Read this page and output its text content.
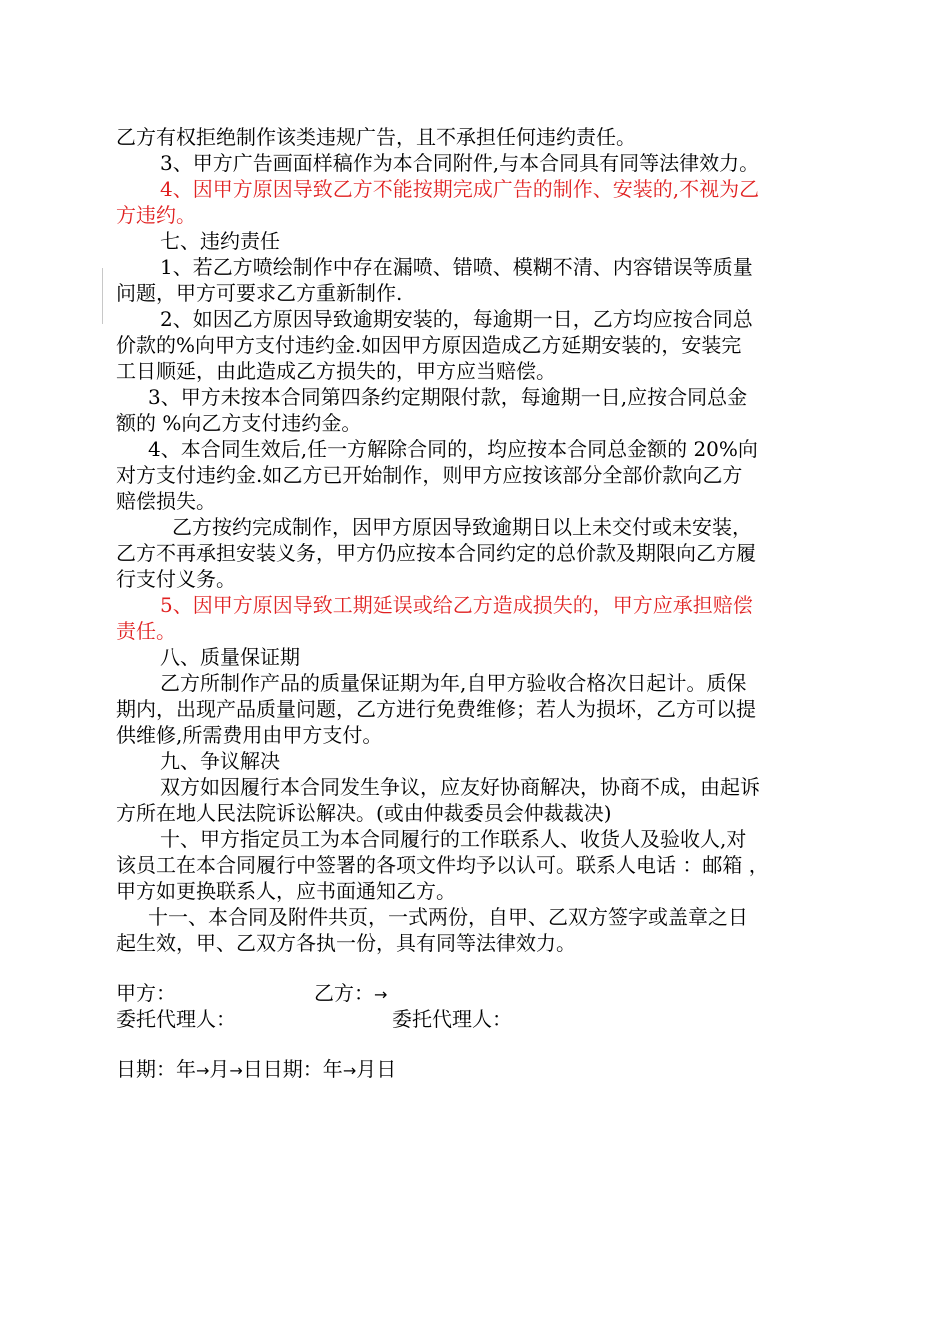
乙方有权拒绝制作该类违规广告，且不承担任何违约责任。
3、甲方广告画面样稿作为本合同附件,与本合同具有同等法律效力。
4、因甲方原因导致乙方不能按期完成广告的制作、安装的,不视为乙
方违约。
七、违约责任
1、若乙方喷绘制作中存在漏喷、错喷、模糊不清、内容错误等质量
问题，甲方可要求乙方重新制作.
2、如因乙方原因导致逾期安装的，每逾期一日，乙方均应按合同总
价款的%向甲方支付违约金.如因甲方原因造成乙方延期安装的，安装完
工日顺延，由此造成乙方损失的，甲方应当赔偿。
3、甲方未按本合同第四条约定期限付款，每逾期一日,应按合同总金
额的 %向乙方支付违约金。
4、本合同生效后,任一方解除合同的，均应按本合同总金额的 20%向
对方支付违约金.如乙方已开始制作，则甲方应按该部分全部价款向乙方
赔偿损失。
乙方按约完成制作，因甲方原因导致逾期日以上未交付或未安装，
乙方不再承担安装义务，甲方仍应按本合同约定的总价款及期限向乙方履
行支付义务。
5、因甲方原因导致工期延误或给乙方造成损失的，甲方应承担赔偿
责任。
八、质量保证期
乙方所制作产品的质量保证期为年,自甲方验收合格次日起计。质保
期内，出现产品质量问题，乙方进行免费维修；若人为损坏，乙方可以提
供维修,所需费用由甲方支付。
九、争议解决
双方如因履行本合同发生争议，应友好协商解决，协商不成，由起诉
方所在地人民法院诉讼解决。(或由仲裁委员会仲裁裁决)
十、甲方指定员工为本合同履行的工作联系人、收货人及验收人,对
该员工在本合同履行中签署的各项文件均予以认可。联系人电话 ：邮箱 ，
甲方如更换联系人，应书面通知乙方。
十一、本合同及附件共页，一式两份，自甲、乙双方签字或盖章之日
起生效，甲、乙双方各执一份，具有同等法律效力。
甲方：	乙方：→
委托代理人：	委托代理人：
日期：年→月→日日期：年→月日
